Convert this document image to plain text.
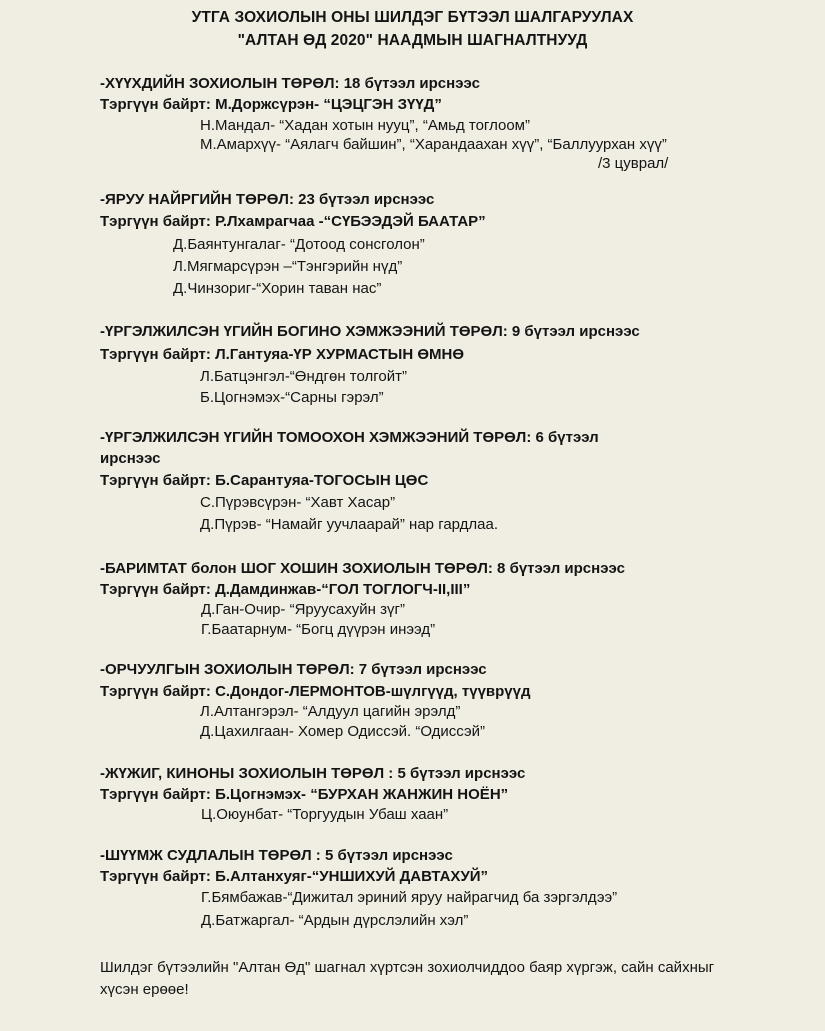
УТГА ЗОХИОЛЫН ОНЫ ШИЛДЭГ БҮТЭЭЛ ШАЛГАРУУЛАХ
"АЛТАН ӨД 2020" НААДМЫН ШАГНАЛТНУУД
-ХҮҮХДИЙН ЗОХИОЛЫН ТӨРӨЛ: 18 бүтээл ирснээс
Тэргүүн байрт: М.Доржсүрэн- “ЦЭЦГЭН ЗҮҮД”
Н.Мандал- “Хадан хотын нууц”, “Амьд тоглоом”
М.Амархүү- “Аялагч байшин”, “Харандаахан хүү”, “Баллуурхан хүү”
/3 цуврал/
-ЯРУУ НАЙРГИЙН ТӨРӨЛ: 23 бүтээл ирснээс
Тэргүүн байрт: Р.Лхамрагчаа -“СҮБЭЭДЭЙ БААТАР”
Д.Баянтунгалаг- “Дотоод сонсголон”
Л.Мягмарсүрэн –“Тэнгэрийн нүд”
Д.Чинзориг-“Хорин таван нас”
-ҮРГЭЛЖИЛСЭН ҮГИЙН БОГИНО ХЭМЖЭЭНИЙ ТӨРӨЛ: 9 бүтээл ирснээс
Тэргүүн байрт: Л.Гантуяа-ҮР ХУРМАСТЫН ӨМНӨ
Л.Батцэнгэл-“Өндгөн толгойт”
Б.Цогнэмэх-“Сарны гэрэл”
-ҮРГЭЛЖИЛСЭН ҮГИЙН ТОМООХОН ХЭМЖЭЭНИЙ ТӨРӨЛ: 6 бүтээл
ирснээс
Тэргүүн байрт: Б.Сарантуяа-ТОГОСЫН ЦӨС
С.Пүрэвсүрэн- “Хавт Хасар”
Д.Пүрэв- “Намайг уучлаарай” нар гардлаа.
-БАРИМТАТ болон ШОГ ХОШИН ЗОХИОЛЫН ТӨРӨЛ: 8 бүтээл ирснээс
Тэргүүн байрт: Д.Дамдинжав-“ГОЛ ТОГЛОГЧ-II,III”
Д.Ган-Очир- “Яруусахуйн зүг”
Г.Баатарнум- “Богц дүүрэн инээд”
-ОРЧУУЛГЫН ЗОХИОЛЫН ТӨРӨЛ: 7 бүтээл ирснээс
Тэргүүн байрт: С.Дондог-ЛЕРМОНТОВ-шүлгүүд, түүврүүд
Л.Алтангэрэл- “Алдуул цагийн эрэлд”
Д.Цахилгаан- Хомер Одиссэй. “Одиссэй”
-ЖҮЖИГ, КИНОНЫ ЗОХИОЛЫН ТӨРӨЛ : 5 бүтээл ирснээс
Тэргүүн байрт: Б.Цогнэмэх- “БУРХАН ЖАНЖИН НОЁН”
Ц.Оюунбат- “Торгуудын Убаш хаан”
-ШҮҮМЖ СУДЛАЛЫН ТӨРӨЛ : 5 бүтээл ирснээс
Тэргүүн байрт: Б.Алтанхуяг-“УНШИХУЙ ДАВТАХУЙ”
Г.Бямбажав-“Дижитал эриний яруу найрагчид ба зэргэлдээ”
Д.Батжаргал- “Ардын дүрслэлийн хэл”
Шилдэг бүтээлийн "Алтан Өд" шагнал хүртсэн зохиолчиддоо баяр хүргэж, сайн сайхныг хүсэн ерөөе!
